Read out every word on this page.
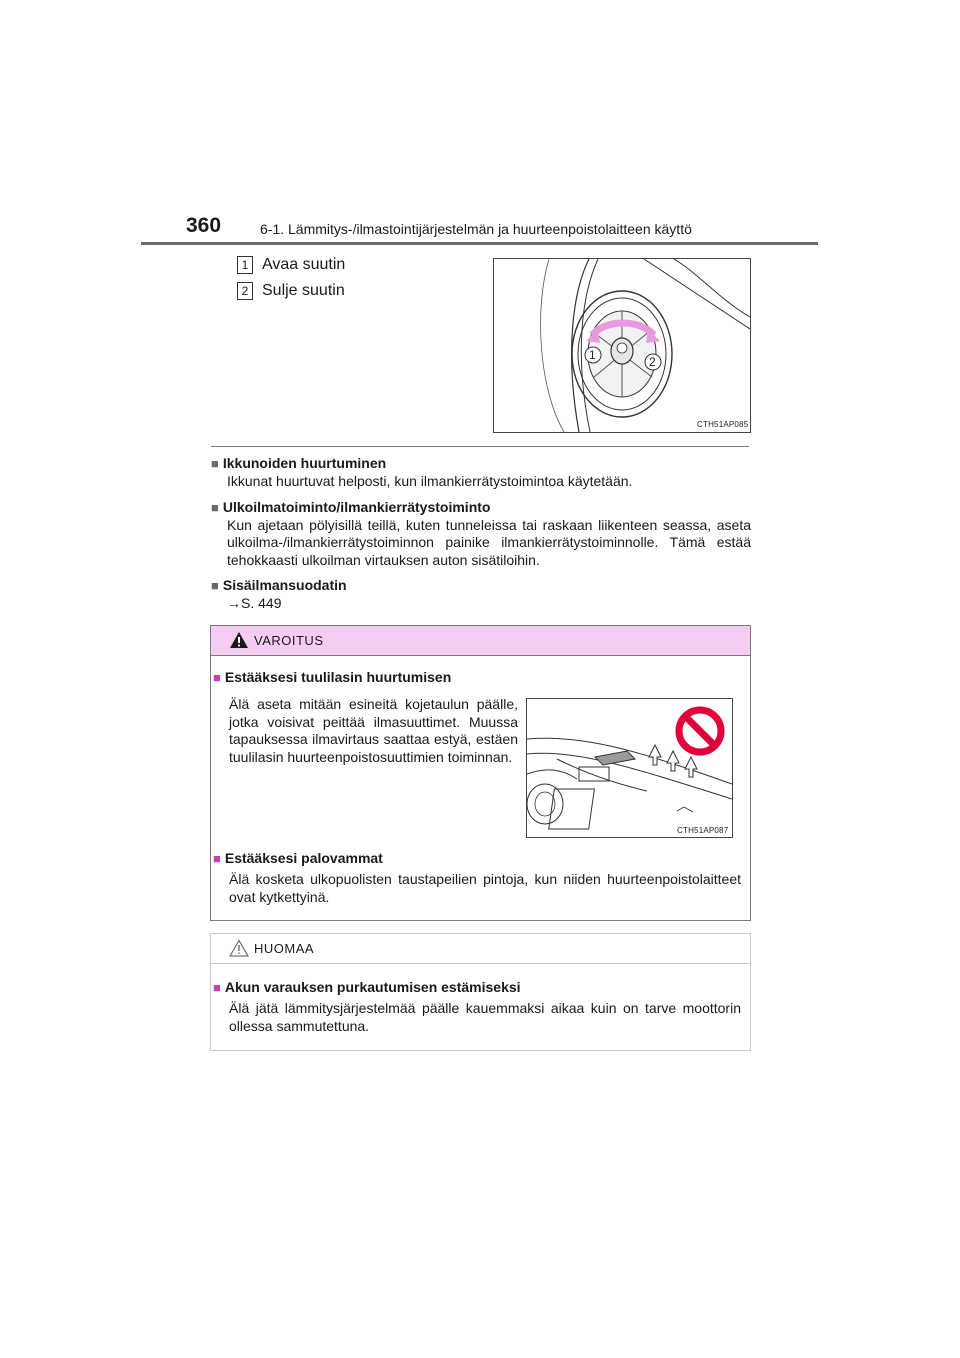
360	6-1. Lämmitys-/ilmastointijärjestelmän ja huurteenpoistolaitteen käyttö
1 Avaa suutin
2 Sulje suutin
1	2
CTH51AP085
■ Ikkunoiden huurtuminen
Ikkunat huurtuvat helposti, kun ilmankierrätystoimintoa käytetään.
■ Ulkoilmatoiminto/ilmankierrätystoiminto
Kun ajetaan pölyisillä teillä, kuten tunneleissa tai raskaan liikenteen seassa, aseta ulkoilma-/ilmankierrätystoiminnon painike ilmankierrätystoiminnolle. Tämä estää tehokkaasti ulkoilman virtauksen auton sisätiloihin.
■ Sisäilmansuodatin
→S. 449
VAROITUS
■ Estääksesi tuulilasin huurtumisen
Älä aseta mitään esineitä kojetaulun päälle, jotka voisivat peittää ilmasuuttimet. Muussa tapauksessa ilmavirtaus saattaa estyä, estäen tuulilasin huurteenpoistosuuttimien toiminnan.
CTH51AP087
■ Estääksesi palovammat
Älä kosketa ulkopuolisten taustapeilien pintoja, kun niiden huurteenpoistolaitteet ovat kytkettyinä.
HUOMAA
■ Akun varauksen purkautumisen estämiseksi
Älä jätä lämmitysjärjestelmää päälle kauemmaksi aikaa kuin on tarve moottorin ollessa sammutettuna.
